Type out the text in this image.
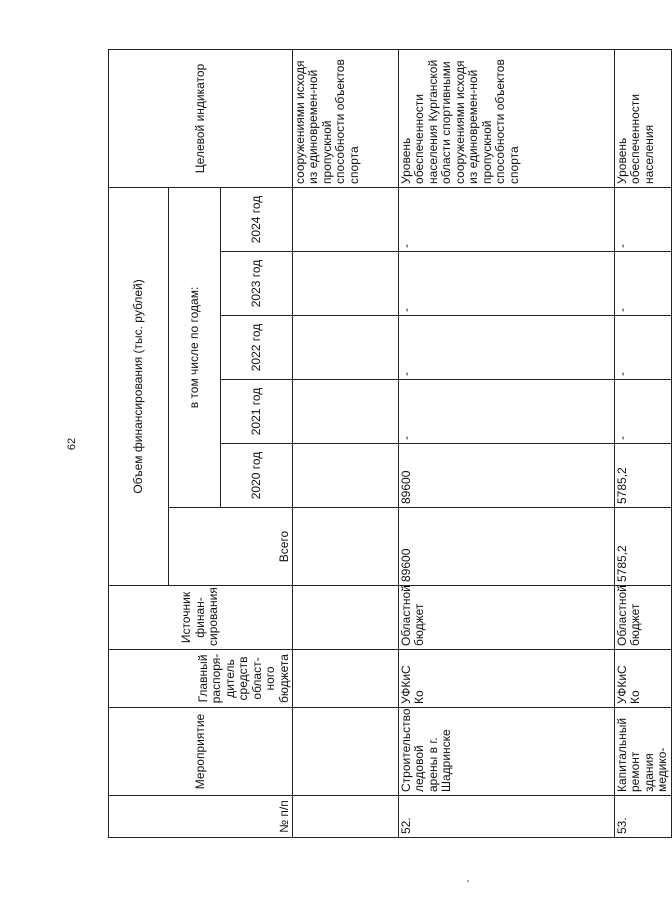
62
№ п/п	Мероприятие	Главный распоря-дитель средств област-ного бюджета	Источник финан-сирования	Объем финансирования (тыс. рублей)						Целевой индикатор
				Всего	в том числе по годам:					
					2020 год	2021 год	2022 год	2023 год	2024 год	
										сооружениями исходя из единовремен-ной пропускной способности объектов спорта
52.	Строительство ледовой арены в г. Шадринске	УФКиС Ко	Областной бюджет	89600	89600	-	-	-	-	Уровень обеспеченности населения Курганской области спортивными сооружениями исходя из единовремен-ной пропускной способности объектов спорта
53.	Капитальный ремонт здания медико-	УФКиС Ко	Областной бюджет	5785,2	5785,2	-	-	-	-	Уровень обеспеченности населения
